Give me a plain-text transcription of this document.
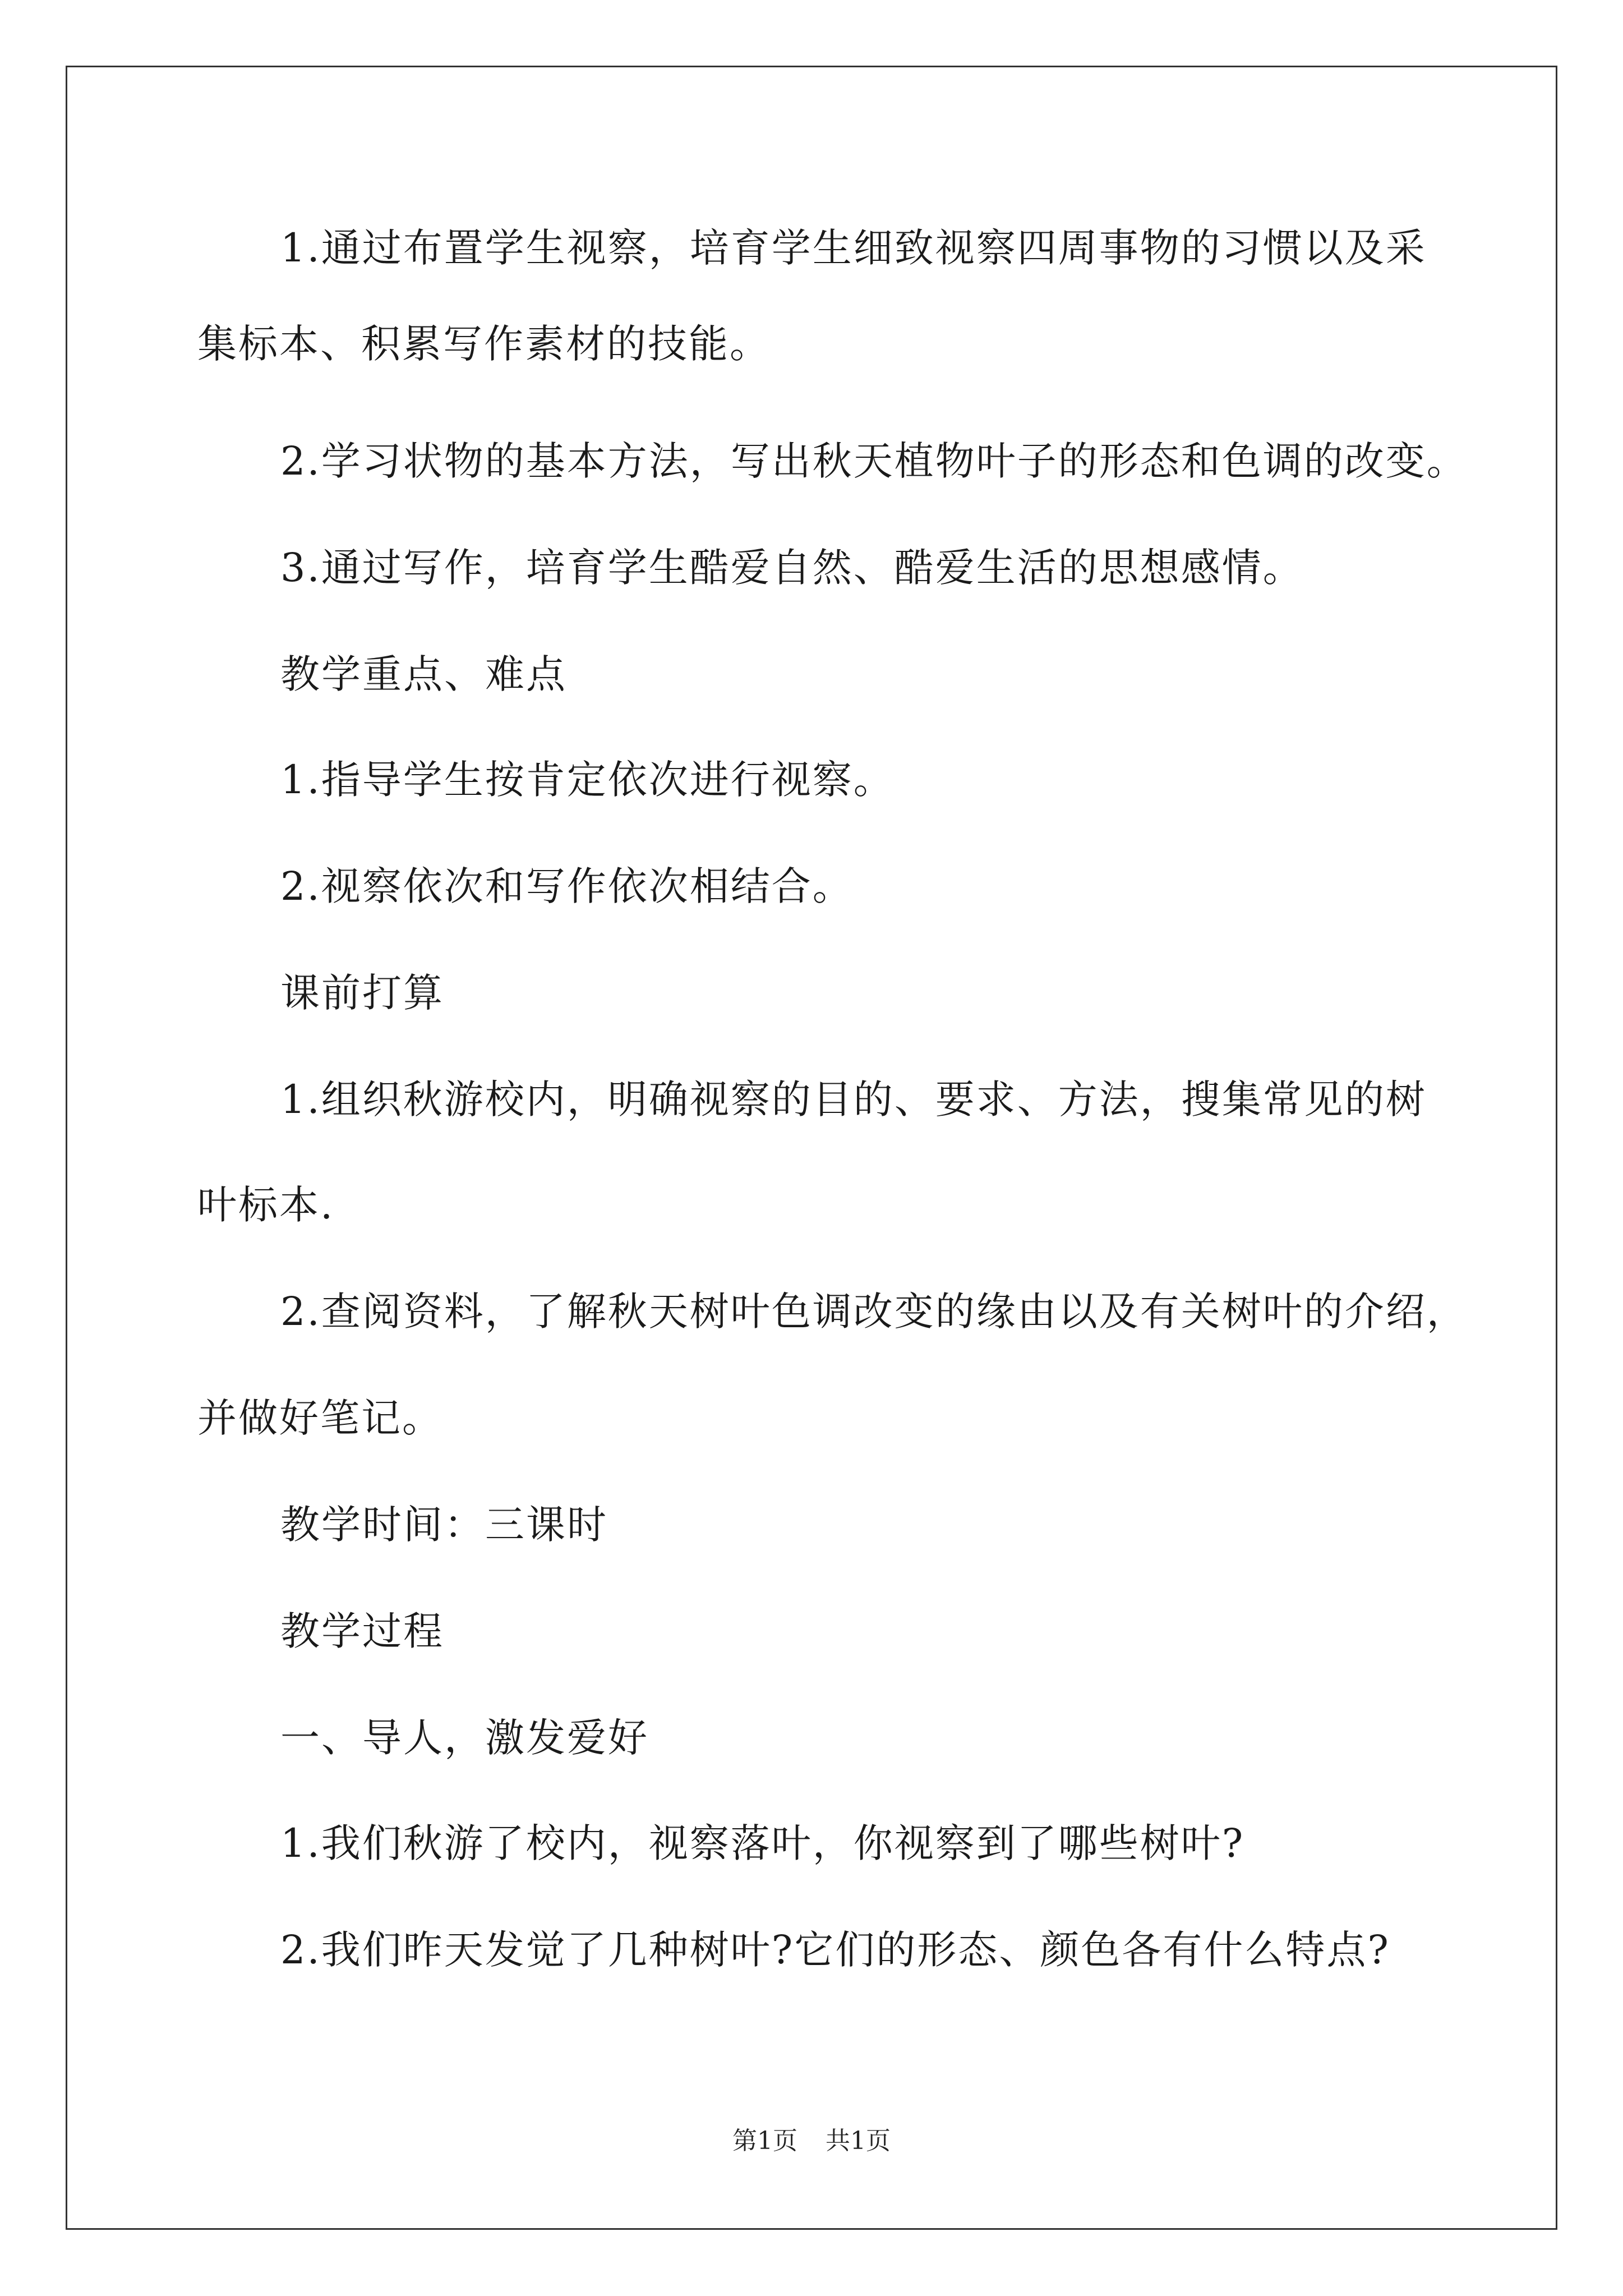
1.通过布置学生视察，培育学生细致视察四周事物的习惯以及采

集标本、积累写作素材的技能。

2.学习状物的基本方法，写出秋天植物叶子的形态和色调的改变。

3.通过写作，培育学生酷爱自然、酷爱生活的思想感情。

教学重点、难点

1.指导学生按肯定依次进行视察。

2.视察依次和写作依次相结合。

课前打算

1.组织秋游校内，明确视察的目的、要求、方法，搜集常见的树

叶标本.

2.查阅资料，了解秋天树叶色调改变的缘由以及有关树叶的介绍，

并做好笔记。

教学时间：三课时

教学过程

一、导人，激发爱好

1.我们秋游了校内，视察落叶，你视察到了哪些树叶?

2.我们昨天发觉了几种树叶?它们的形态、颜色各有什么特点?

第1页 共1页
